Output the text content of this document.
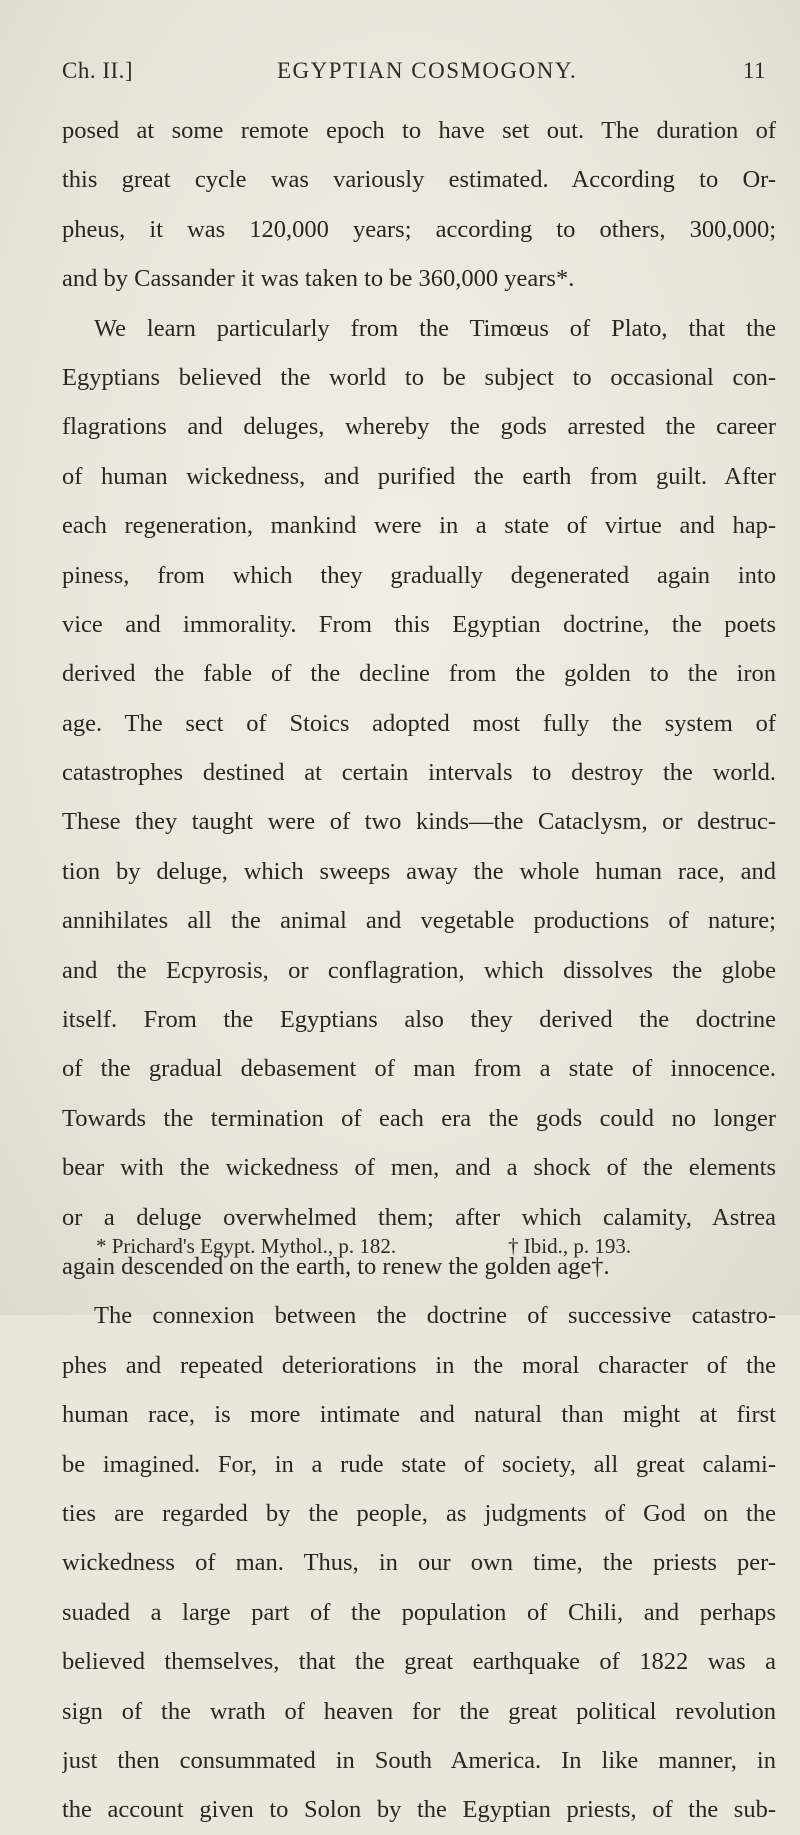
Ch. II.]	EGYPTIAN COSMOGONY.	11
posed at some remote epoch to have set out. The duration of
this great cycle was variously estimated. According to Or-
pheus, it was 120,000 years; according to others, 300,000;
and by Cassander it was taken to be 360,000 years*.
We learn particularly from the Timœus of Plato, that the
Egyptians believed the world to be subject to occasional con-
flagrations and deluges, whereby the gods arrested the career
of human wickedness, and purified the earth from guilt. After
each regeneration, mankind were in a state of virtue and hap-
piness, from which they gradually degenerated again into
vice and immorality. From this Egyptian doctrine, the poets
derived the fable of the decline from the golden to the iron
age. The sect of Stoics adopted most fully the system of
catastrophes destined at certain intervals to destroy the world.
These they taught were of two kinds—the Cataclysm, or destruc-
tion by deluge, which sweeps away the whole human race, and
annihilates all the animal and vegetable productions of nature;
and the Ecpyrosis, or conflagration, which dissolves the globe
itself. From the Egyptians also they derived the doctrine
of the gradual debasement of man from a state of innocence.
Towards the termination of each era the gods could no longer
bear with the wickedness of men, and a shock of the elements
or a deluge overwhelmed them; after which calamity, Astrea
again descended on the earth, to renew the golden age†.
The connexion between the doctrine of successive catastro-
phes and repeated deteriorations in the moral character of the
human race, is more intimate and natural than might at first
be imagined. For, in a rude state of society, all great calami-
ties are regarded by the people, as judgments of God on the
wickedness of man. Thus, in our own time, the priests per-
suaded a large part of the population of Chili, and perhaps
believed themselves, that the great earthquake of 1822 was a
sign of the wrath of heaven for the great political revolution
just then consummated in South America. In like manner, in
the account given to Solon by the Egyptian priests, of the sub-
* Prichard's Egypt. Mythol., p. 182.	† Ibid., p. 193.
